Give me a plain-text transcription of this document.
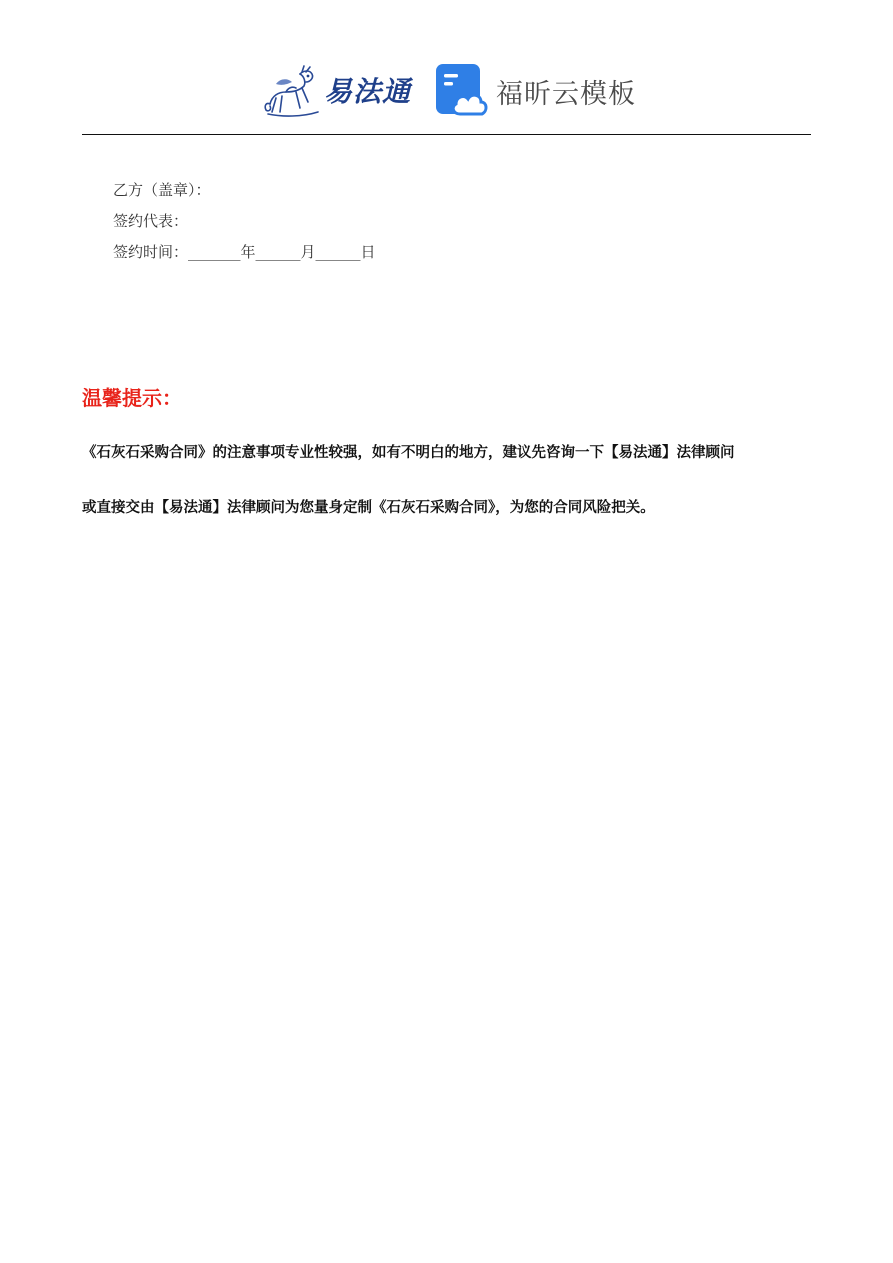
易法通	福昕云模板
乙方（盖章）：
签约代表：
签约时间：_______年______月______日
温馨提示：
《石灰石采购合同》的注意事项专业性较强，如有不明白的地方，建议先咨询一下【易法通】法律顾问
或直接交由【易法通】法律顾问为您量身定制《石灰石采购合同》，为您的合同风险把关。
